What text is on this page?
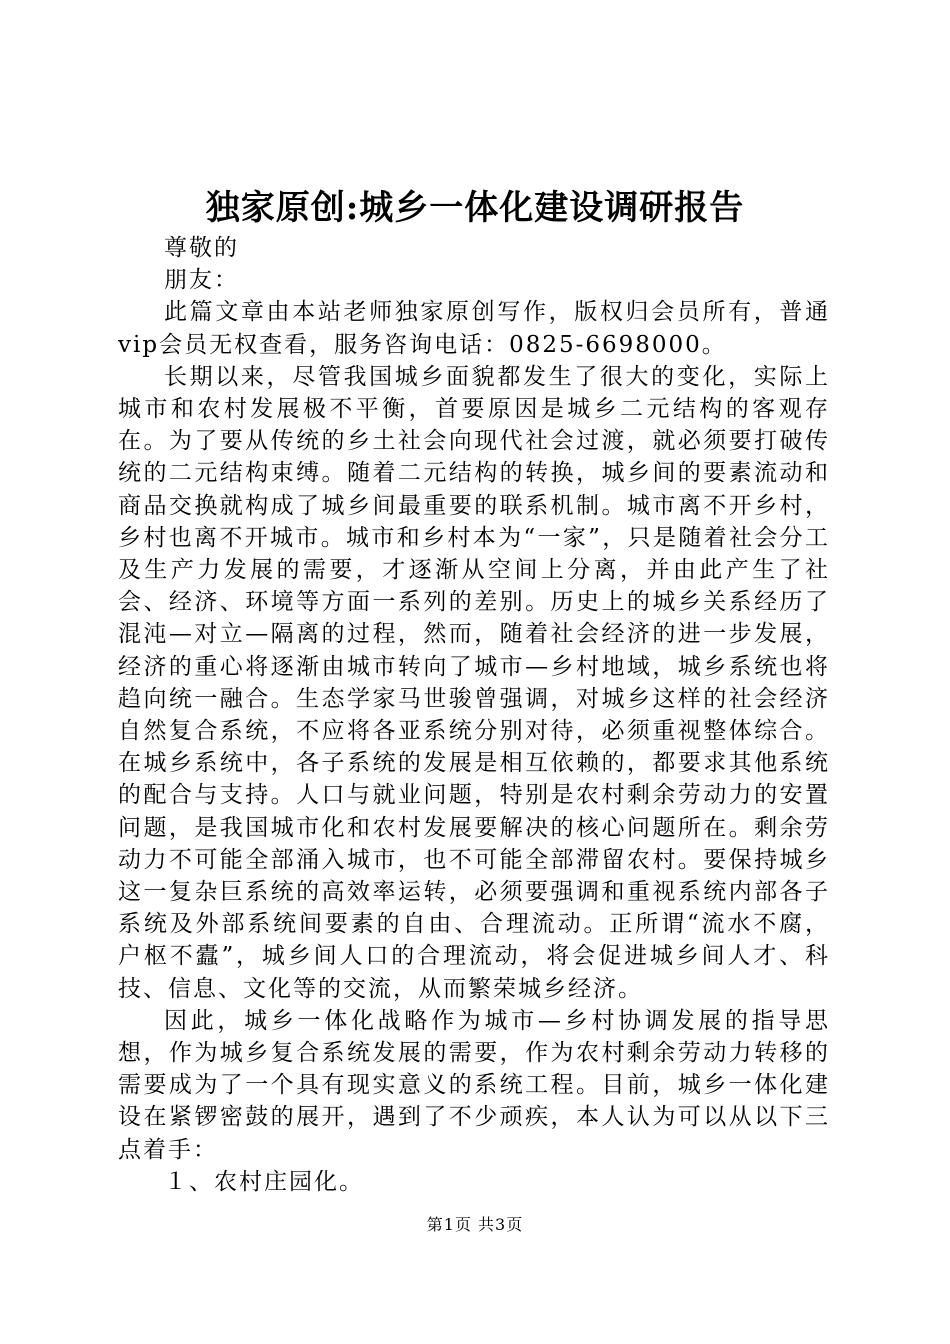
独家原创:城乡一体化建设调研报告

尊敬的

朋友：

此篇文章由本站老师独家原创写作，版权归会员所有，普通vip会员无权查看，服务咨询电话：0825-6698000。

长期以来，尽管我国城乡面貌都发生了很大的变化，实际上城市和农村发展极不平衡，首要原因是城乡二元结构的客观存在。为了要从传统的乡土社会向现代社会过渡，就必须要打破传统的二元结构束缚。随着二元结构的转换，城乡间的要素流动和商品交换就构成了城乡间最重要的联系机制。城市离不开乡村，乡村也离不开城市。城市和乡村本为“一家”，只是随着社会分工及生产力发展的需要，才逐渐从空间上分离，并由此产生了社会、经济、环境等方面一系列的差别。历史上的城乡关系经历了混沌—对立—隔离的过程，然而，随着社会经济的进一步发展，经济的重心将逐渐由城市转向了城市—乡村地域，城乡系统也将趋向统一融合。生态学家马世骏曾强调，对城乡这样的社会经济自然复合系统，不应将各亚系统分别对待，必须重视整体综合。在城乡系统中，各子系统的发展是相互依赖的，都要求其他系统的配合与支持。人口与就业问题，特别是农村剩余劳动力的安置问题，是我国城市化和农村发展要解决的核心问题所在。剩余劳动力不可能全部涌入城市，也不可能全部滞留农村。要保持城乡这一复杂巨系统的高效率运转，必须要强调和重视系统内部各子系统及外部系统间要素的自由、合理流动。正所谓“流水不腐，户枢不蠹”，城乡间人口的合理流动，将会促进城乡间人才、科技、信息、文化等的交流，从而繁荣城乡经济。

因此，城乡一体化战略作为城市—乡村协调发展的指导思想，作为城乡复合系统发展的需要，作为农村剩余劳动力转移的需要成为了一个具有现实意义的系统工程。目前，城乡一体化建设在紧锣密鼓的展开，遇到了不少顽疾，本人认为可以从以下三点着手：

１、农村庄园化。

第1页 共3页
